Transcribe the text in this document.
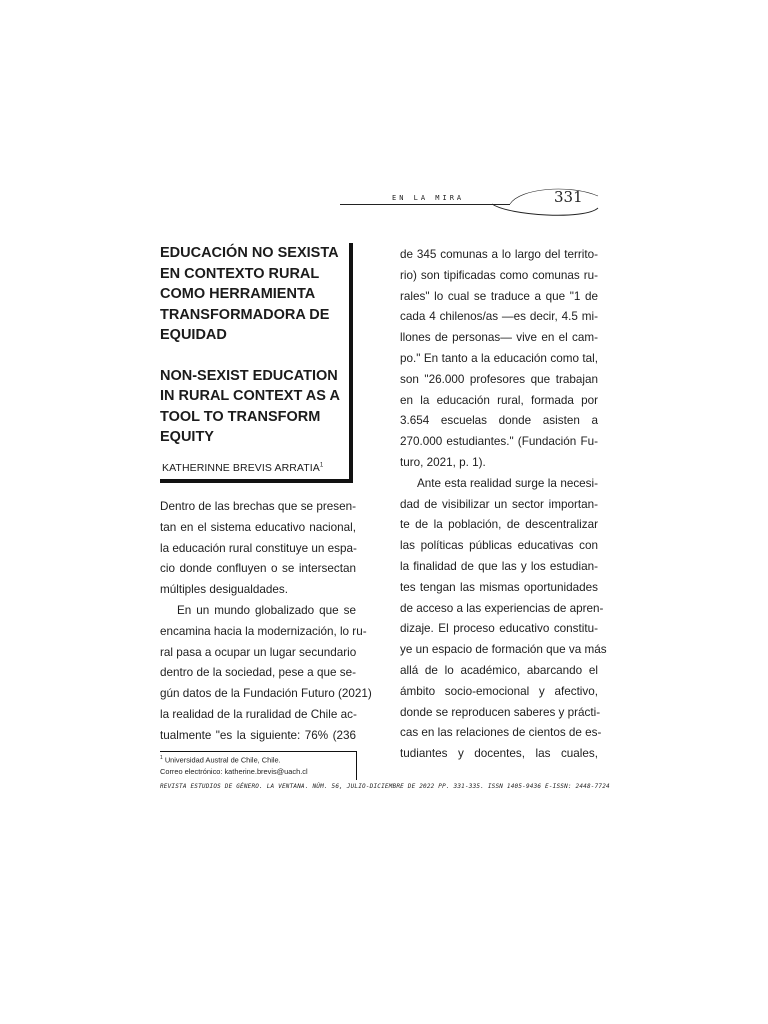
EN LA MIRA	331

EDUCACIÓN NO SEXISTA EN CONTEXTO RURAL COMO HERRAMIENTA TRANSFORMADORA DE EQUIDAD

NON-SEXIST EDUCATION IN RURAL CONTEXT AS A TOOL TO TRANSFORM EQUITY

KATHERINNE BREVIS ARRATIA$^1$
Dentro de las brechas que se presen-
tan en el sistema educativo nacional,
la educación rural constituye un espa-
cio donde confluyen o se intersectan
múltiples desigualdades.
En un mundo globalizado que se
encamina hacia la modernización, lo ru-
ral pasa a ocupar un lugar secundario
dentro de la sociedad, pese a que se-
gún datos de la Fundación Futuro (2021)
la realidad de la ruralidad de Chile ac-
tualmente "es la siguiente: 76% (236
de 345 comunas a lo largo del territo-
rio) son tipificadas como comunas ru-
rales" lo cual se traduce a que "1 de
cada 4 chilenos/as —es decir, 4.5 mi-
llones de personas— vive en el cam-
po." En tanto a la educación como tal,
son "26.000 profesores que trabajan
en la educación rural, formada por
3.654 escuelas donde asisten a
270.000 estudiantes." (Fundación Fu-
turo, 2021, p. 1).
Ante esta realidad surge la necesi-
dad de visibilizar un sector importan-
te de la población, de descentralizar
las políticas públicas educativas con
la finalidad de que las y los estudian-
tes tengan las mismas oportunidades
de acceso a las experiencias de apren-
dizaje. El proceso educativo constitu-
ye un espacio de formación que va más
allá de lo académico, abarcando el
ámbito socio-emocional y afectivo,
donde se reproducen saberes y prácti-
cas en las relaciones de cientos de es-
tudiantes y docentes, las cuales,
$^1$ Universidad Austral de Chile, Chile.
Correo electrónico: katherine.brevis@uach.cl
REVISTA ESTUDIOS DE GÉNERO. LA VENTANA. NÚM. 56, JULIO-DICIEMBRE DE 2022 PP. 331-335. ISSN 1405-9436 E-ISSN: 2448-7724
